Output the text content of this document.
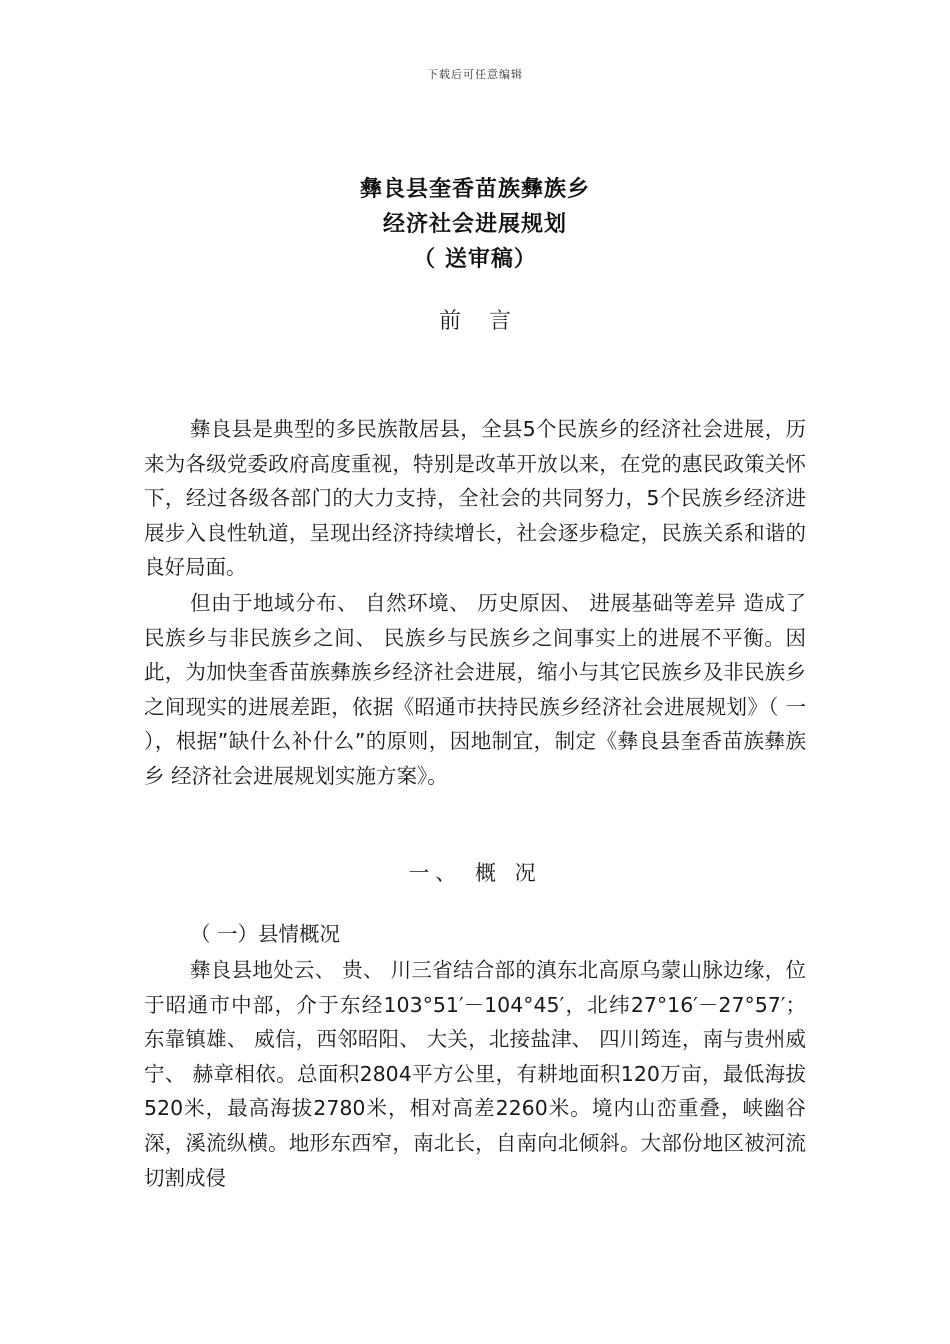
下载后可任意编辑
彝良县奎香苗族彝族乡
经济社会进展规划
（ 送审稿）
前言
彝良县是典型的多民族散居县，全县5个民族乡的经济社会进展，历来为各级党委政府高度重视，特别是改革开放以来，在党的惠民政策关怀下，经过各级各部门的大力支持，全社会的共同努力，5个民族乡经济进展步入良性轨道，呈现出经济持续增长，社会逐步稳定，民族关系和谐的良好局面。
但由于地域分布、 自然环境、 历史原因、 进展基础等差异 造成了民族乡与非民族乡之间、 民族乡与民族乡之间事实上的进展不平衡。因此，为加快奎香苗族彝族乡经济社会进展，缩小与其它民族乡及非民族乡之间现实的进展差距，依据《昭通市扶持民族乡经济社会进展规划》（ 一 ），根据”缺什么补什么”的原则，因地制宜，制定《彝良县奎香苗族彝族乡 经济社会进展规划实施方案》。
一、 概 况
（ 一）县情概况
彝良县地处云、 贵、 川三省结合部的滇东北高原乌蒙山脉边缘，位于昭通市中部，介于东经103°51′－104°45′，北纬27°16′－27°57′；东靠镇雄、 威信，西邻昭阳、 大关，北接盐津、 四川筠连，南与贵州威宁、 赫章相依。总面积2804平方公里，有耕地面积120万亩，最低海拔520米，最高海拔2780米，相对高差2260米。境内山峦重叠，峡幽谷深，溪流纵横。地形东西窄，南北长，自南向北倾斜。大部份地区被河流切割成侵
